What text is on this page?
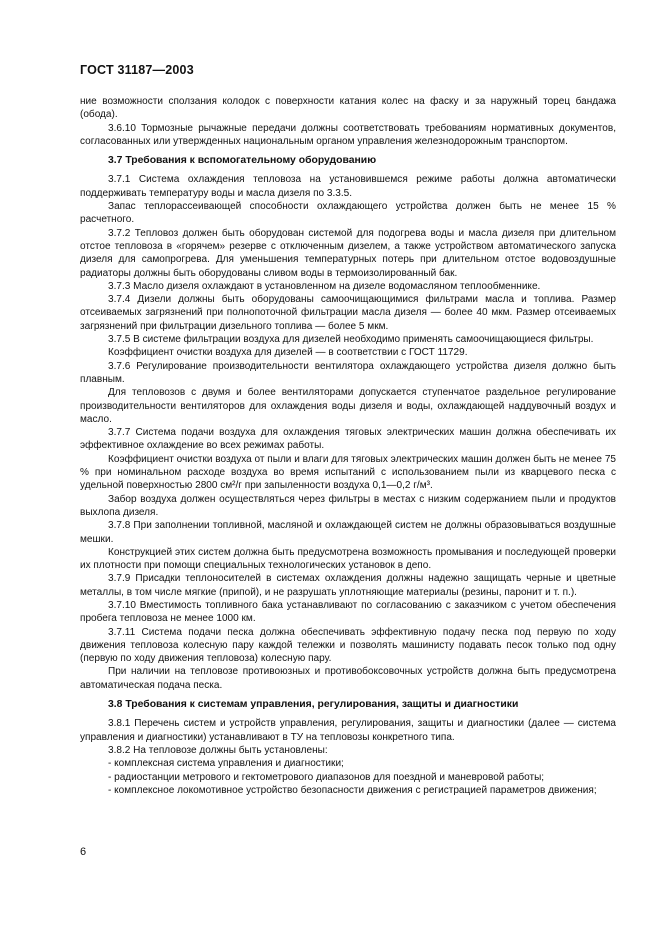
ГОСТ 31187—2003

ние возможности сползания колодок с поверхности катания колес на фаску и за наружный торец бандажа (обода).

3.6.10 Тормозные рычажные передачи должны соответствовать требованиям нормативных документов, согласованных или утвержденных национальным органом управления железнодорожным транспортом.

3.7 Требования к вспомогательному оборудованию

3.7.1 Система охлаждения тепловоза на установившемся режиме работы должна автоматически поддерживать температуру воды и масла дизеля по 3.3.5.

Запас теплорассеивающей способности охлаждающего устройства должен быть не менее 15 % расчетного.

3.7.2 Тепловоз должен быть оборудован системой для подогрева воды и масла дизеля при длительном отстое тепловоза в «горячем» резерве с отключенным дизелем, а также устройством автоматического запуска дизеля для самопрогрева. Для уменьшения температурных потерь при длительном отстое водовоздушные радиаторы должны быть оборудованы сливом воды в термоизолированный бак.

3.7.3 Масло дизеля охлаждают в установленном на дизеле водомасляном теплообменнике.

3.7.4 Дизели должны быть оборудованы самоочищающимися фильтрами масла и топлива. Размер отсеиваемых загрязнений при полнопоточной фильтрации масла дизеля — более 40 мкм. Размер отсеиваемых загрязнений при фильтрации дизельного топлива — более 5 мкм.

3.7.5 В системе фильтрации воздуха для дизелей необходимо применять самоочищающиеся фильтры.

Коэффициент очистки воздуха для дизелей — в соответствии с ГОСТ 11729.

3.7.6 Регулирование производительности вентилятора охлаждающего устройства дизеля должно быть плавным.

Для тепловозов с двумя и более вентиляторами допускается ступенчатое раздельное регулирование производительности вентиляторов для охлаждения воды дизеля и воды, охлаждающей наддувочный воздух и масло.

3.7.7 Система подачи воздуха для охлаждения тяговых электрических машин должна обеспечивать их эффективное охлаждение во всех режимах работы.

Коэффициент очистки воздуха от пыли и влаги для тяговых электрических машин должен быть не менее 75 % при номинальном расходе воздуха во время испытаний с использованием пыли из кварцевого песка с удельной поверхностью 2800 см²/г при запыленности воздуха 0,1—0,2 г/м³.

Забор воздуха должен осуществляться через фильтры в местах с низким содержанием пыли и продуктов выхлопа дизеля.

3.7.8 При заполнении топливной, масляной и охлаждающей систем не должны образовываться воздушные мешки.

Конструкцией этих систем должна быть предусмотрена возможность промывания и последующей проверки их плотности при помощи специальных технологических установок в депо.

3.7.9 Присадки теплоносителей в системах охлаждения должны надежно защищать черные и цветные металлы, в том числе мягкие (припой), и не разрушать уплотняющие материалы (резины, паронит и т. п.).

3.7.10 Вместимость топливного бака устанавливают по согласованию с заказчиком с учетом обеспечения пробега тепловоза не менее 1000 км.

3.7.11 Система подачи песка должна обеспечивать эффективную подачу песка под первую по ходу движения тепловоза колесную пару каждой тележки и позволять машинисту подавать песок только под одну (первую по ходу движения тепловоза) колесную пару.

При наличии на тепловозе противоюзных и противобоксовочных устройств должна быть предусмотрена автоматическая подача песка.

3.8 Требования к системам управления, регулирования, защиты и диагностики

3.8.1 Перечень систем и устройств управления, регулирования, защиты и диагностики (далее — система управления и диагностики) устанавливают в ТУ на тепловозы конкретного типа.

3.8.2 На тепловозе должны быть установлены:

- комплексная система управления и диагностики;

- радиостанции метрового и гектометрового диапазонов для поездной и маневровой работы;

- комплексное локомотивное устройство безопасности движения с регистрацией параметров движения;

6
